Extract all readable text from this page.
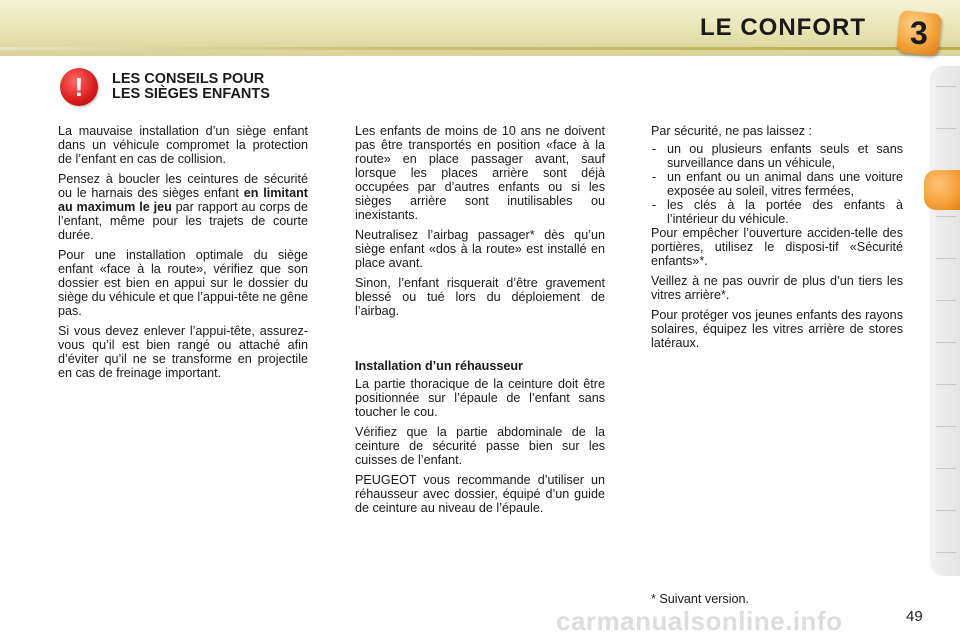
LE CONFORT 3
! LES CONSEILS POUR
LES SIÈGES ENFANTS

La mauvaise installation d’un siège enfant dans un véhicule compromet la protection de l’enfant en cas de collision.

Pensez à boucler les ceintures de sécurité ou le harnais des sièges enfant en limitant au maximum le jeu par rapport au corps de l’enfant, même pour les trajets de courte durée.

Pour une installation optimale du siège enfant «face à la route», vérifiez que son dossier est bien en appui sur le dossier du siège du véhicule et que l’appui-tête ne gêne pas.

Si vous devez enlever l’appui-tête, assurez-vous qu’il est bien rangé ou attaché afin d’éviter qu’il ne se transforme en projectile en cas de freinage important.

Les enfants de moins de 10 ans ne doivent pas être transportés en position «face à la route» en place passager avant, sauf lorsque les places arrière sont déjà occupées par d’autres enfants ou si les sièges arrière sont inutilisables ou inexistants.

Neutralisez l’airbag passager* dès qu’un siège enfant «dos à la route» est installé en place avant.

Sinon, l’enfant risquerait d’être gravement blessé ou tué lors du déploiement de l’airbag.

Installation d’un réhausseur

La partie thoracique de la ceinture doit être positionnée sur l’épaule de l’enfant sans toucher le cou.

Vérifiez que la partie abdominale de la ceinture de sécurité passe bien sur les cuisses de l’enfant.

PEUGEOT vous recommande d’utiliser un réhausseur avec dossier, équipé d’un guide de ceinture au niveau de l’épaule.

Par sécurité, ne pas laissez :

- un ou plusieurs enfants seuls et sans surveillance dans un véhicule,
- un enfant ou un animal dans une voiture exposée au soleil, vitres fermées,
- les clés à la portée des enfants à l’intérieur du véhicule.

Pour empêcher l’ouverture acciden-telle des portières, utilisez le disposi-tif «Sécurité enfants»*.

Veillez à ne pas ouvrir de plus d’un tiers les vitres arrière*.

Pour protéger vos jeunes enfants des rayons solaires, équipez les vitres arrière de stores latéraux.

* Suivant version.
carmanualsonline.info	49
